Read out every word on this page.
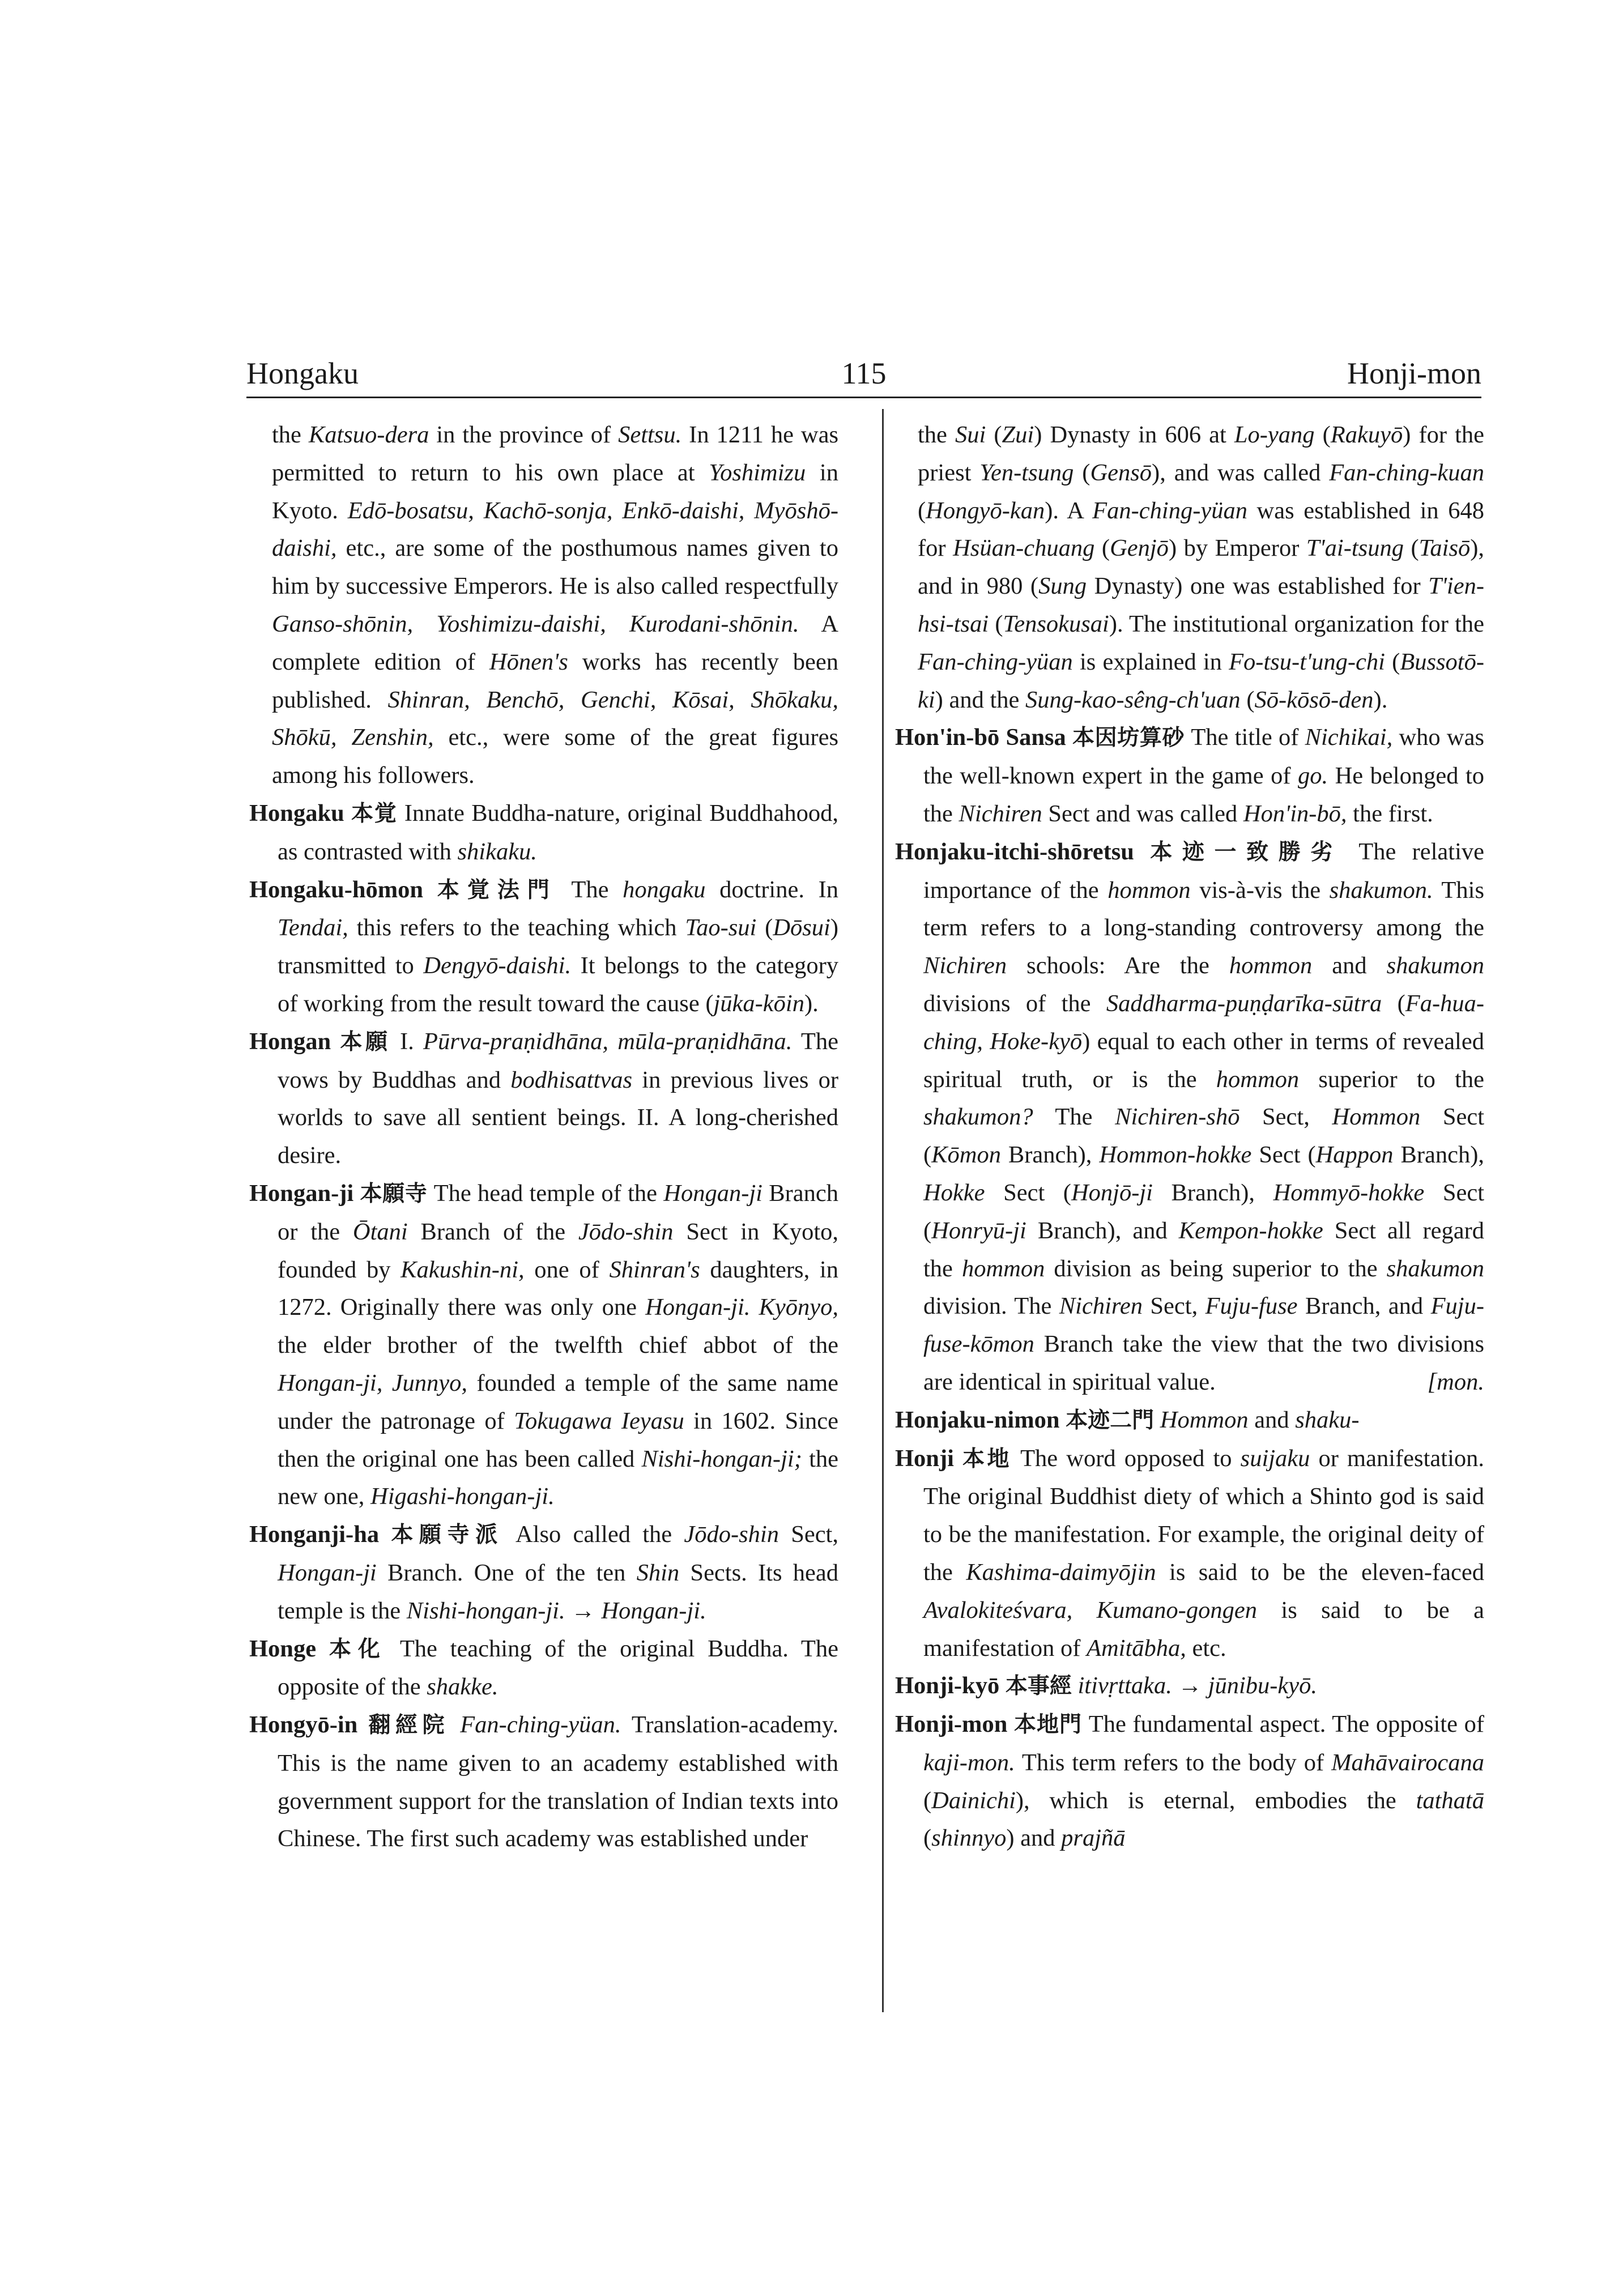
Hongaku	115	Honji-mon

the Katsuo-dera in the province of Settsu. In 1211 he was permitted to return to his own place at Yoshimizu in Kyoto. Edō-bosatsu, Kachō-sonja, Enkō-daishi, Myōshō-daishi, etc., are some of the posthumous names given to him by successive Emperors. He is also called respectfully Ganso-shōnin, Yoshimizu-daishi, Kurodani-shōnin. A complete edition of Hōnen's works has recently been published. Shinran, Benchō, Genchi, Kōsai, Shōkaku, Shōkū, Zenshin, etc., were some of the great figures among his followers.

Hongaku 本覚 Innate Buddha-nature, original Buddhahood, as contrasted with shikaku.

Hongaku-hōmon 本覚法門 The hongaku doctrine. In Tendai, this refers to the teaching which Tao-sui (Dōsui) transmitted to Dengyō-daishi. It belongs to the category of working from the result toward the cause (jūka-kōin).

Hongan 本願 I. Pūrva-praṇidhāna, mūla-praṇidhāna. The vows by Buddhas and bodhisattvas in previous lives or worlds to save all sentient beings. II. A long-cherished desire.

Hongan-ji 本願寺 The head temple of the Hongan-ji Branch or the Ōtani Branch of the Jōdo-shin Sect in Kyoto, founded by Kakushin-ni, one of Shinran's daughters, in 1272. Originally there was only one Hongan-ji. Kyōnyo, the elder brother of the twelfth chief abbot of the Hongan-ji, Junnyo, founded a temple of the same name under the patronage of Tokugawa Ieyasu in 1602. Since then the original one has been called Nishi-hongan-ji; the new one, Higashi-hongan-ji.

Honganji-ha 本願寺派 Also called the Jōdo-shin Sect, Hongan-ji Branch. One of the ten Shin Sects. Its head temple is the Nishi-hongan-ji. → Hongan-ji.

Honge 本化 The teaching of the original Buddha. The opposite of the shakke.

Hongyō-in 翻經院 Fan-ching-yüan. Translation-academy. This is the name given to an academy established with government support for the translation of Indian texts into Chinese. The first such academy was established under

the Sui (Zui) Dynasty in 606 at Lo-yang (Rakuyō) for the priest Yen-tsung (Gensō), and was called Fan-ching-kuan (Hongyō-kan). A Fan-ching-yüan was established in 648 for Hsüan-chuang (Genjō) by Emperor T'ai-tsung (Taisō), and in 980 (Sung Dynasty) one was established for T'ien-hsi-tsai (Tensokusai). The institutional organization for the Fan-ching-yüan is explained in Fo-tsu-t'ung-chi (Bussotō-ki) and the Sung-kao-sêng-ch'uan (Sō-kōsō-den).

Hon'in-bō Sansa 本因坊算砂 The title of Nichikai, who was the well-known expert in the game of go. He belonged to the Nichiren Sect and was called Hon'in-bō, the first.

Honjaku-itchi-shōretsu 本迹一致勝劣 The relative importance of the hommon vis-à-vis the shakumon. This term refers to a long-standing controversy among the Nichiren schools: Are the hommon and shakumon divisions of the Saddharma-puṇḍarīka-sūtra (Fa-hua-ching, Hoke-kyō) equal to each other in terms of revealed spiritual truth, or is the hommon superior to the shakumon? The Nichiren-shō Sect, Hommon Sect (Kōmon Branch), Hommon-hokke Sect (Happon Branch), Hokke Sect (Honjō-ji Branch), Hommyō-hokke Sect (Honryū-ji Branch), and Kempon-hokke Sect all regard the hommon division as being superior to the shakumon division. The Nichiren Sect, Fuju-fuse Branch, and Fuju-fuse-kōmon Branch take the view that the two divisions are identical in spiritual value.	[mon.

Honjaku-nimon 本迹二門 Hommon and shaku-

Honji 本地 The word opposed to suijaku or manifestation. The original Buddhist diety of which a Shinto god is said to be the manifestation. For example, the original deity of the Kashima-daimyōjin is said to be the eleven-faced Avalokiteśvara, Kumano-gongen is said to be a manifestation of Amitābha, etc.

Honji-kyō 本事經 itivṛttaka. → jūnibu-kyō.

Honji-mon 本地門 The fundamental aspect. The opposite of kaji-mon. This term refers to the body of Mahāvairocana (Dainichi), which is eternal, embodies the tathatā (shinnyo) and prajñā
